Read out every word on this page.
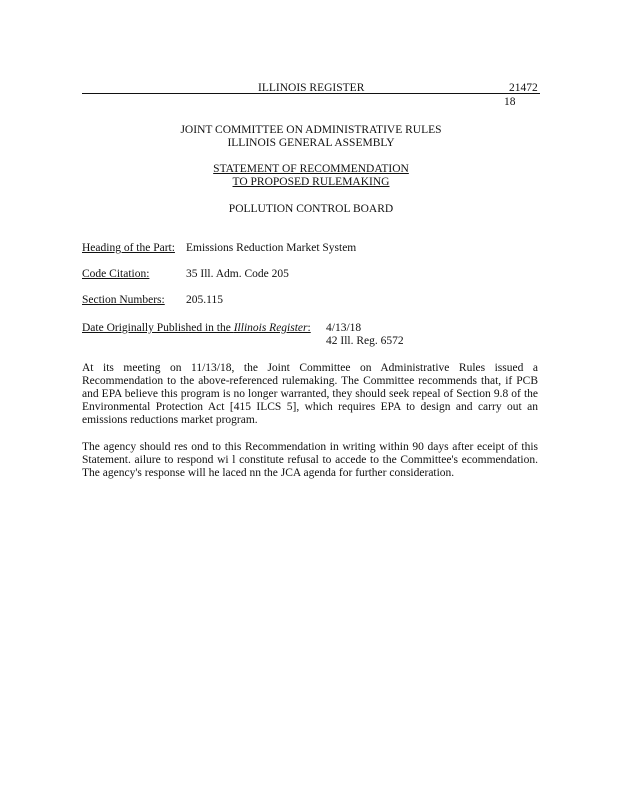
ILLINOIS REGISTER	21472
18
JOINT COMMITTEE ON ADMINISTRATIVE RULES
ILLINOIS GENERAL ASSEMBLY
STATEMENT OF RECOMMENDATION
TO PROPOSED RULEMAKING
POLLUTION CONTROL BOARD
Heading of the Part: Emissions Reduction Market System
Code Citation:	35 Ill. Adm. Code 205
Section Numbers: 205.115
Date Originally Published in the Illinois Register: 4/13/18
42 Ill. Reg. 6572
At its meeting on 11/13/18, the Joint Committee on Administrative Rules issued a Recommendation to the above-referenced rulemaking. The Committee recommends that, if PCB and EPA believe this program is no longer warranted, they should seek repeal of Section 9.8 of the Environmental Protection Act [415 ILCS 5], which requires EPA to design and carry out an emissions reductions market program.
The agency should res ond to this Recommendation in writing within 90 days after eceipt of this Statement. ailure to respond wi l constitute refusal to accede to the Committee's ecommendation. The agency's response will he laced nn the JCA agenda for further consideration.
